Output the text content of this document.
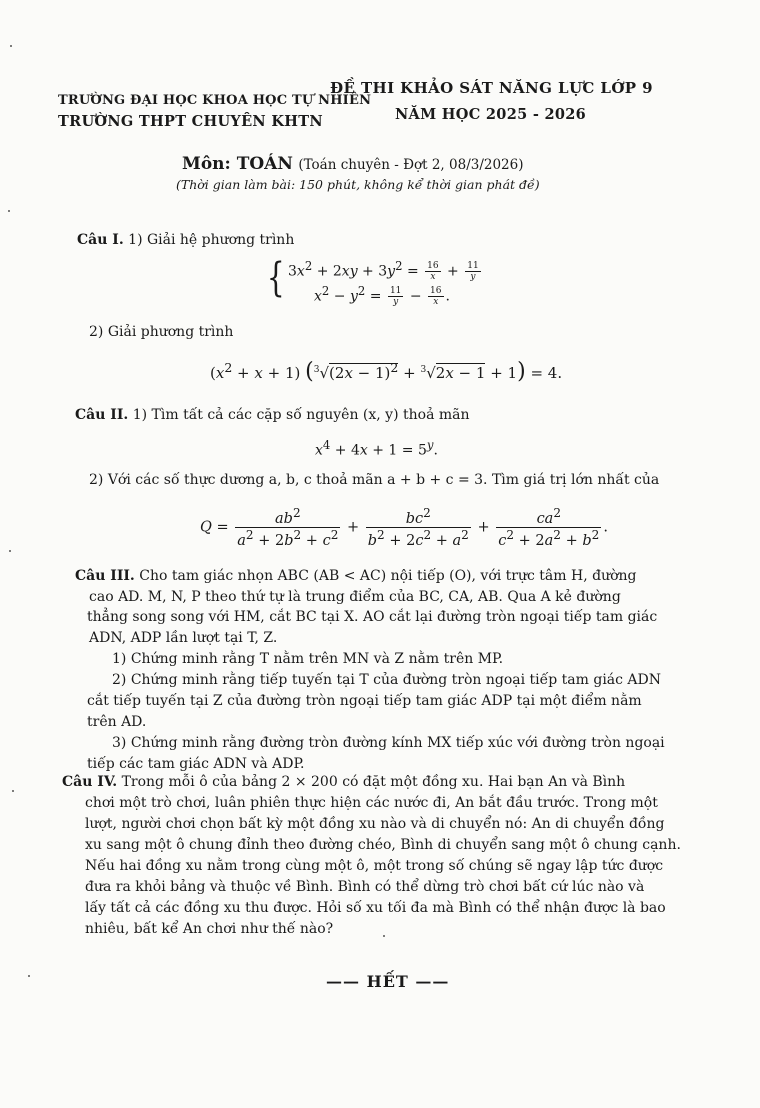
TRƯỜNG ĐẠI HỌC KHOA HỌC TỰ NHIÊN
TRƯỜNG THPT CHUYÊN KHTN
ĐỀ THI KHẢO SÁT NĂNG LỰC LỚP 9
NĂM HỌC 2025 - 2026
Môn: TOÁN (Toán chuyên - Đợt 2, 08/3/2026)
(Thời gian làm bài: 150 phút, không kể thời gian phát đề)
Câu I. 1) Giải hệ phương trình
{ $3x^2 + 2xy + 3y^2 = \frac{16}{x} + \frac{11}{y}$
$x^2 - y^2 = \frac{11}{y} - \frac{16}{x}$ .
2) Giải phương trình
$(x^2 + x + 1) (^3√(2x - 1)^2 + ^3√2x - 1 + 1) = 4$.
Câu II. 1) Tìm tất cả các cặp số nguyên (x, y) thoả mãn
$x^4 + 4x + 1 = 5^y$.
2) Với các số thực dương a, b, c thoả mãn a + b + c = 3. Tìm giá trị lớn nhất của
$Q = \frac{ab^2}{a^2 + 2b^2 + c^2} + \frac{bc^2}{b^2 + 2c^2 + a^2} + \frac{ca^2}{c^2 + 2a^2 + b^2}$ .
Câu III. Cho tam giác nhọn ABC (AB < AC) nội tiếp (O), với trực tâm H, đường
cao AD. M, N, P theo thứ tự là trung điểm của BC, CA, AB. Qua A kẻ đường
thẳng song song với HM, cắt BC tại X. AO cắt lại đường tròn ngoại tiếp tam giác
ADN, ADP lần lượt tại T, Z.
1) Chứng minh rằng T nằm trên MN và Z nằm trên MP.
2) Chứng minh rằng tiếp tuyến tại T của đường tròn ngoại tiếp tam giác ADN
cắt tiếp tuyến tại Z của đường tròn ngoại tiếp tam giác ADP tại một điểm nằm
trên AD.
3) Chứng minh rằng đường tròn đường kính MX tiếp xúc với đường tròn ngoại
tiếp các tam giác ADN và ADP.
Câu IV. Trong mỗi ô của bảng 2 × 200 có đặt một đồng xu. Hai bạn An và Bình
chơi một trò chơi, luân phiên thực hiện các nước đi, An bắt đầu trước. Trong một
lượt, người chơi chọn bất kỳ một đồng xu nào và di chuyển nó: An di chuyển đồng
xu sang một ô chung đỉnh theo đường chéo, Bình di chuyển sang một ô chung cạnh.
Nếu hai đồng xu nằm trong cùng một ô, một trong số chúng sẽ ngay lập tức được
đưa ra khỏi bảng và thuộc về Bình. Bình có thể dừng trò chơi bất cứ lúc nào và
lấy tất cả các đồng xu thu được. Hỏi số xu tối đa mà Bình có thể nhận được là bao
nhiêu, bất kể An chơi như thế nào?
—— HẾT ——
